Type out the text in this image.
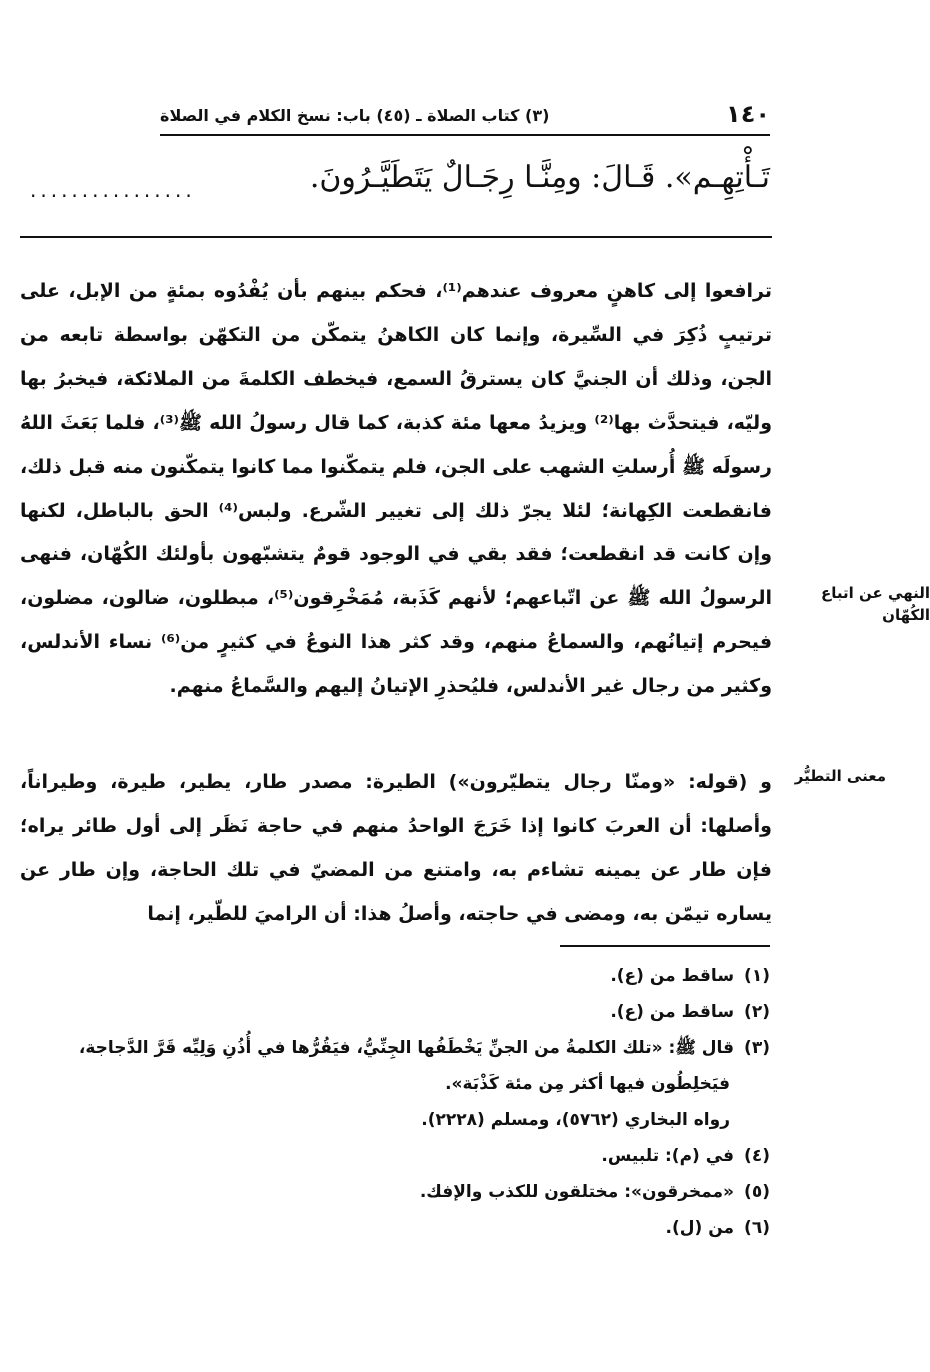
١٤٠
(٣) كتاب الصلاة ـ (٤٥) باب: نسخ الكلام في الصلاة
تَـأْتِهِـم». قَـالَ: ومِنَّـا رِجَـالٌ يَتَطَيَّـرُونَ.
................
ترافعوا إلى كاهنٍ معروف عندهم⁽¹⁾، فحكم بينهم بأن يُفْدُوه بمئةٍ من الإبل، على ترتيبٍ ذُكِرَ في السِّيرة، وإنما كان الكاهنُ يتمكّن من التكهّن بواسطة تابعه من الجن، وذلك أن الجنيَّ كان يسترقُ السمع، فيخطف الكلمةَ من الملائكة، فيخبرُ بها وليّه، فيتحدَّث بها⁽²⁾ ويزيدُ معها مئة كذبة، كما قال رسولُ الله ﷺ⁽³⁾، فلما بَعَثَ اللهُ رسولَه ﷺ أُرسلتِ الشهب على الجن، فلم يتمكّنوا مما كانوا يتمكّنون منه قبل ذلك، فانقطعت الكِهانة؛ لئلا يجرّ ذلك إلى تغيير الشّرع. ولبس⁽⁴⁾ الحق بالباطل، لكنها وإن كانت قد انقطعت؛ فقد بقي في الوجود قومٌ يتشبّهون بأولئك الكُهّان، فنهى الرسولُ الله ﷺ عن اتّباعهم؛ لأنهم كَذَبة، مُمَخْرِقون⁽⁵⁾، مبطلون، ضالون، مضلون، فيحرم إتيانُهم، والسماعُ منهم، وقد كثر هذا النوعُ في كثيرٍ من⁽⁶⁾ نساء الأندلس، وكثير من رجال غير الأندلس، فليُحذرِ الإتيانُ إليهم والسَّماعُ منهم.
النهي عن اتباع الكُهّان
معنى التطيُّر
و (قوله: «ومنّا رجال يتطيّرون») الطيرة: مصدر طار، يطير، طيرة، وطيراناً، وأصلها: أن العربَ كانوا إذا خَرَجَ الواحدُ منهم في حاجة نَظَر إلى أول طائر يراه؛ فإن طار عن يمينه تشاءم به، وامتنع من المضيّ في تلك الحاجة، وإن طار عن يساره تيمّن به، ومضى في حاجته، وأصلُ هذا: أن الراميَ للطّير، إنما
(١)ساقط من (ع).
(٢)ساقط من (ع).
(٣)قال ﷺ: «تلك الكلمةُ من الجنِّ يَخْطَفُها الجِنِّيُّ، فيَقُرُّها في أُذُنِ وَلِيِّه قَرَّ الدَّجاجة،
فيَخلِطُون فيها أكثر مِن مئة كَذْبَة».
رواه البخاري (٥٧٦٢)، ومسلم (٢٢٢٨).
(٤)في (م): تلبيس.
(٥)«ممخرقون»: مختلقون للكذب والإفك.
(٦)من (ل).
